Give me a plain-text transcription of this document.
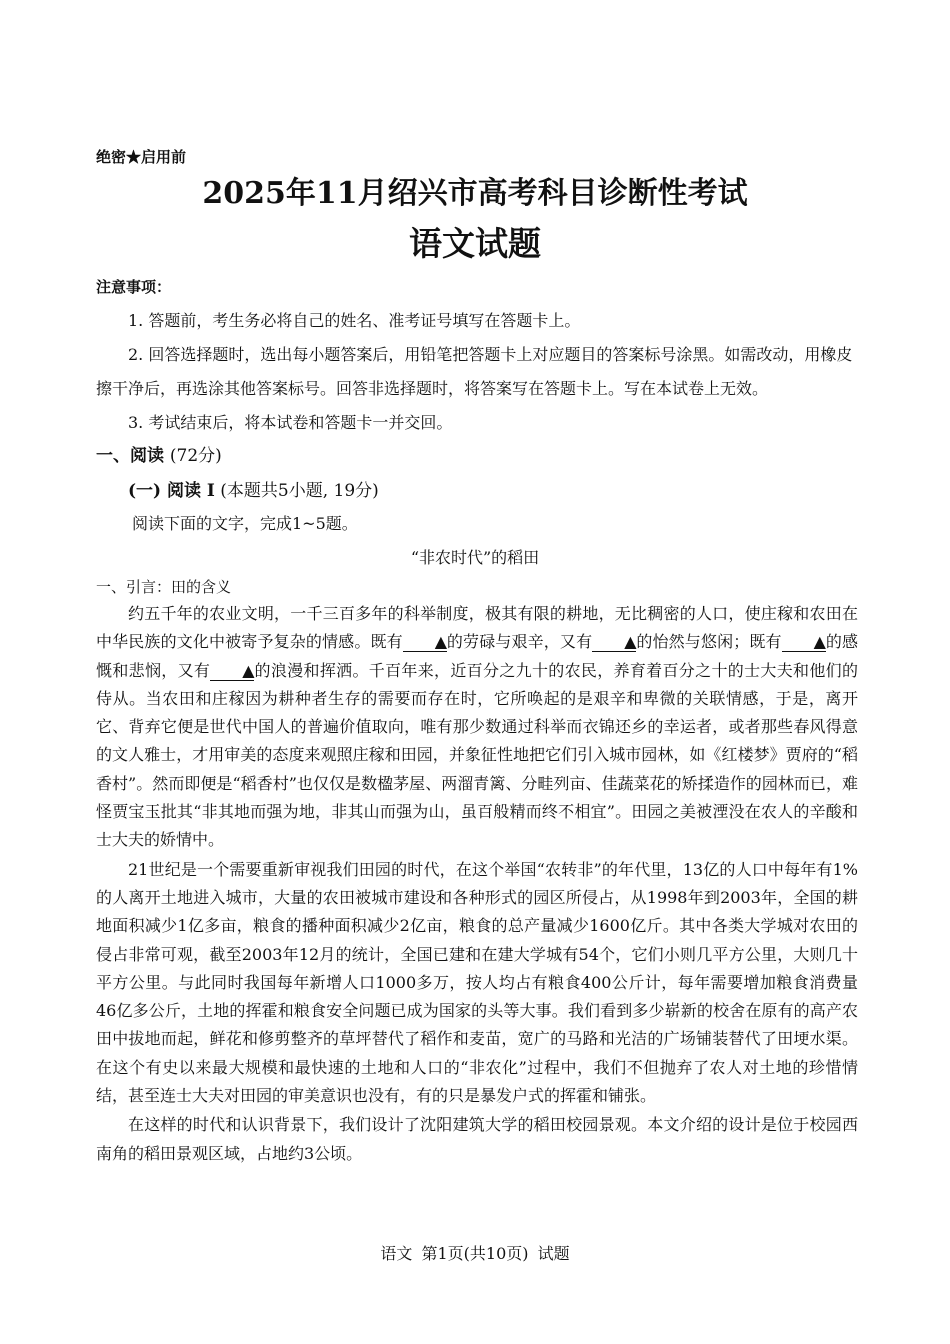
绝密★启用前
2025年11月绍兴市高考科目诊断性考试
语文试题
注意事项：

1. 答题前，考生务必将自己的姓名、准考证号填写在答题卡上。

2. 回答选择题时，选出每小题答案后，用铅笔把答题卡上对应题目的答案标号涂黑。如需改动，用橡皮擦干净后，再选涂其他答案标号。回答非选择题时，将答案写在答题卡上。写在本试卷上无效。

3. 考试结束后，将本试卷和答题卡一并交回。

一、阅读 (72分)
(一) 阅读 I (本题共5小题, 19分)
阅读下面的文字，完成1~5题。
“非农时代”的稻田
一、引言：田的含义

约五千年的农业文明，一千三百多年的科举制度，极其有限的耕地，无比稠密的人口，使庄稼和农田在中华民族的文化中被寄予复杂的情感。既有 ▲的劳碌与艰辛，又有 ▲的怡然与悠闲；既有 ▲的感慨和悲悯，又有 ▲的浪漫和挥洒。千百年来，近百分之九十的农民，养育着百分之十的士大夫和他们的侍从。当农田和庄稼因为耕种者生存的需要而存在时，它所唤起的是艰辛和卑微的关联情感，于是，离开它、背弃它便是世代中国人的普遍价值取向，唯有那少数通过科举而衣锦还乡的幸运者，或者那些春风得意的文人雅士，才用审美的态度来观照庄稼和田园，并象征性地把它们引入城市园林，如《红楼梦》贾府的“稻香村”。然而即便是“稻香村”也仅仅是数楹茅屋、两溜青篱、分畦列亩、佳蔬菜花的矫揉造作的园林而已，难怪贾宝玉批其“非其地而强为地，非其山而强为山，虽百般精而终不相宜”。田园之美被湮没在农人的辛酸和士大夫的娇情中。

21世纪是一个需要重新审视我们田园的时代，在这个举国“农转非”的年代里，13亿的人口中每年有1%的人离开土地进入城市，大量的农田被城市建设和各种形式的园区所侵占，从1998年到2003年，全国的耕地面积减少1亿多亩，粮食的播种面积减少2亿亩，粮食的总产量减少1600亿斤。其中各类大学城对农田的侵占非常可观，截至2003年12月的统计，全国已建和在建大学城有54个，它们小则几平方公里，大则几十平方公里。与此同时我国每年新增人口1000多万，按人均占有粮食400公斤计，每年需要增加粮食消费量46亿多公斤，土地的挥霍和粮食安全问题已成为国家的头等大事。我们看到多少崭新的校舍在原有的高产农田中拔地而起，鲜花和修剪整齐的草坪替代了稻作和麦苗，宽广的马路和光洁的广场铺装替代了田埂水渠。在这个有史以来最大规模和最快速的土地和人口的“非农化”过程中，我们不但抛弃了农人对土地的珍惜情结，甚至连士大夫对田园的审美意识也没有，有的只是暴发户式的挥霍和铺张。

在这样的时代和认识背景下，我们设计了沈阳建筑大学的稻田校园景观。本文介绍的设计是位于校园西南角的稻田景观区域，占地约3公顷。

语文 第1页(共10页) 试题
